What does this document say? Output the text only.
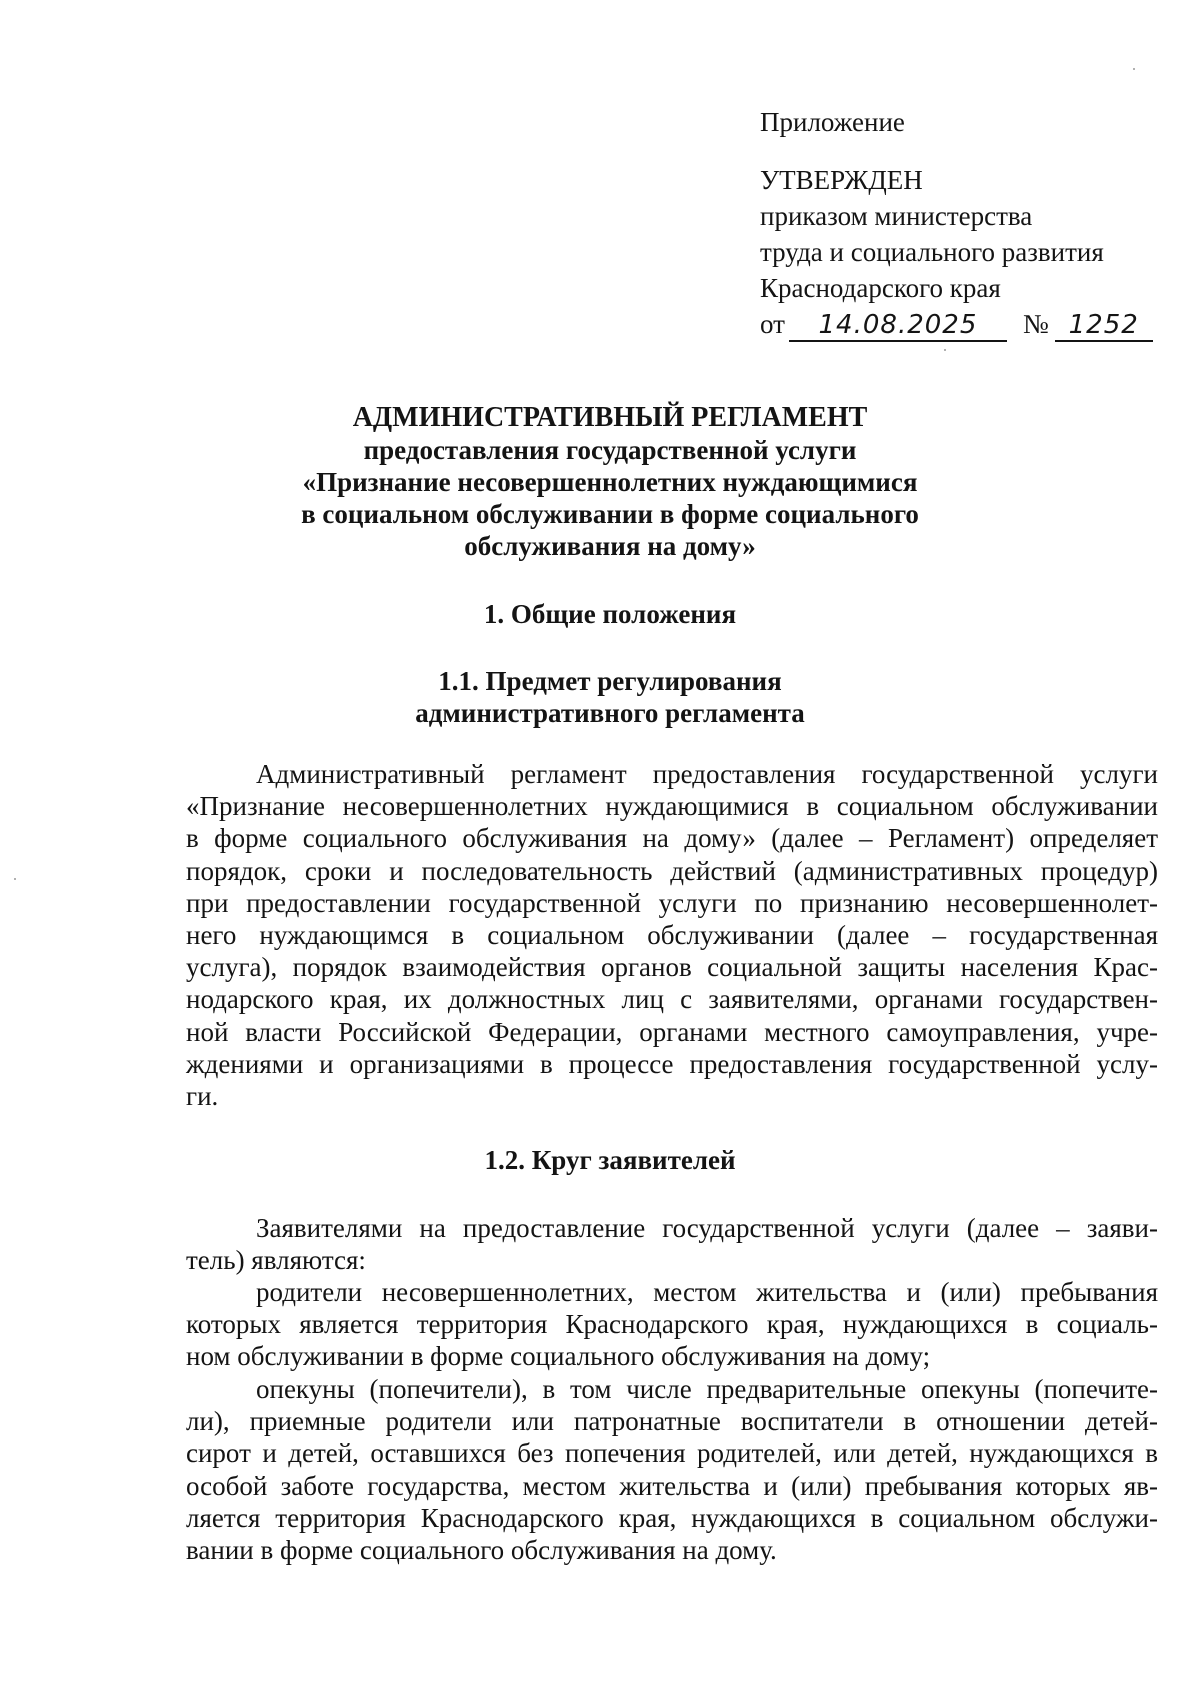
Приложение
УТВЕРЖДЕН
приказом министерства
труда и социального развития
Краснодарского края
от 14.08.2025 № 1252
АДМИНИСТРАТИВНЫЙ РЕГЛАМЕНТ
предоставления государственной услуги
«Признание несовершеннолетних нуждающимися
в социальном обслуживании в форме социального
обслуживания на дому»
1. Общие положения
1.1. Предмет регулирования
административного регламента
Административный регламент предоставления государственной услуги
«Признание несовершеннолетних нуждающимися в социальном обслуживании
в форме социального обслуживания на дому» (далее – Регламент) определяет
порядок, сроки и последовательность действий (административных процедур)
при предоставлении государственной услуги по признанию несовершеннолет-
него нуждающимся в социальном обслуживании (далее – государственная
услуга), порядок взаимодействия органов социальной защиты населения Крас-
нодарского края, их должностных лиц с заявителями, органами государствен-
ной власти Российской Федерации, органами местного самоуправления, учре-
ждениями и организациями в процессе предоставления государственной услу-
ги.
1.2. Круг заявителей
Заявителями на предоставление государственной услуги (далее – заяви-
тель) являются:
родители несовершеннолетних, местом жительства и (или) пребывания
которых является территория Краснодарского края, нуждающихся в социаль-
ном обслуживании в форме социального обслуживания на дому;
опекуны (попечители), в том числе предварительные опекуны (попечите-
ли), приемные родители или патронатные воспитатели в отношении детей-
сирот и детей, оставшихся без попечения родителей, или детей, нуждающихся в
особой заботе государства, местом жительства и (или) пребывания которых яв-
ляется территория Краснодарского края, нуждающихся в социальном обслужи-
вании в форме социального обслуживания на дому.
